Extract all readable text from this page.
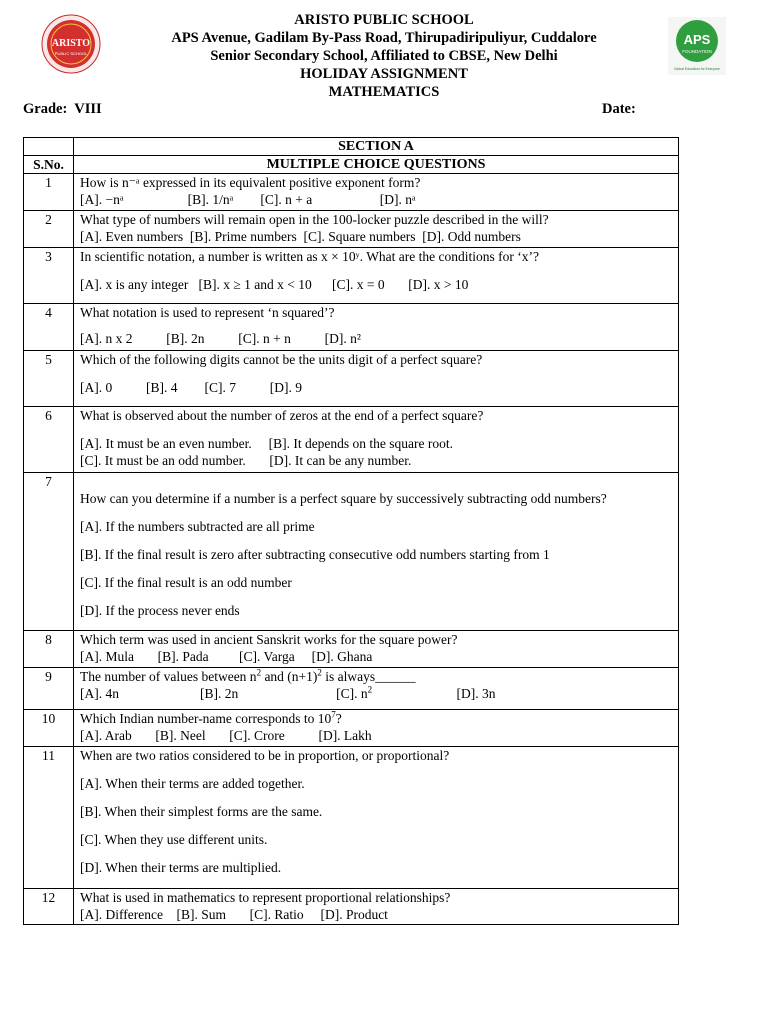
ARISTO
PUBLIC SCHOOL
APS
FOUNDATION
Global Education for Everyone
ARISTO PUBLIC SCHOOL
APS Avenue, Gadilam By-Pass Road, Thirupadiripuliyur, Cuddalore
Senior Secondary School, Affiliated to CBSE, New Delhi
HOLIDAY ASSIGNMENT
MATHEMATICS
Grade: VIII	Date:
	SECTION A
S.No.	MULTIPLE CHOICE QUESTIONS
1	How is n⁻ᵃ expressed in its equivalent positive exponent form?
[A]. −nᵃ                   [B]. 1/nᵃ        [C]. n + a                    [D]. nᵃ

2	What type of numbers will remain open in the 100-locker puzzle described in the will?
[A]. Even numbers  [B]. Prime numbers  [C]. Square numbers  [D]. Odd numbers

3	In scientific notation, a number is written as x × 10ʸ. What are the conditions for ‘x’?
[A]. x is any integer   [B]. x ≥ 1 and x < 10      [C]. x = 0       [D]. x > 10

4	What notation is used to represent ‘n squared’?
[A]. n x 2          [B]. 2n          [C]. n + n          [D]. n²

5	Which of the following digits cannot be the units digit of a perfect square?
[A]. 0          [B]. 4        [C]. 7          [D]. 9

6	What is observed about the number of zeros at the end of a perfect square?
[A]. It must be an even number.     [B]. It depends on the square root.
[C]. It must be an odd number.       [D]. It can be any number.

7	How can you determine if a number is a perfect square by successively subtracting odd numbers?
[A]. If the numbers subtracted are all prime
[B]. If the final result is zero after subtracting consecutive odd numbers starting from 1
[C]. If the final result is an odd number
[D]. If the process never ends

8	Which term was used in ancient Sanskrit works for the square power?
[A]. Mula       [B]. Pada         [C]. Varga     [D]. Ghana

9	The number of values between $n^2$ and $(n+1)^2$ is always______
[A]. 4n                        [B]. 2n                             [C]. $n^2$                         [D]. 3n

10	Which Indian number-name corresponds to $10^7$?
[A]. Arab       [B]. Neel       [C]. Crore          [D]. Lakh

11	When are two ratios considered to be in proportion, or proportional?
[A]. When their terms are added together.
[B]. When their simplest forms are the same.
[C]. When they use different units.
[D]. When their terms are multiplied.

12	What is used in mathematics to represent proportional relationships?
[A]. Difference    [B]. Sum       [C]. Ratio     [D]. Product
